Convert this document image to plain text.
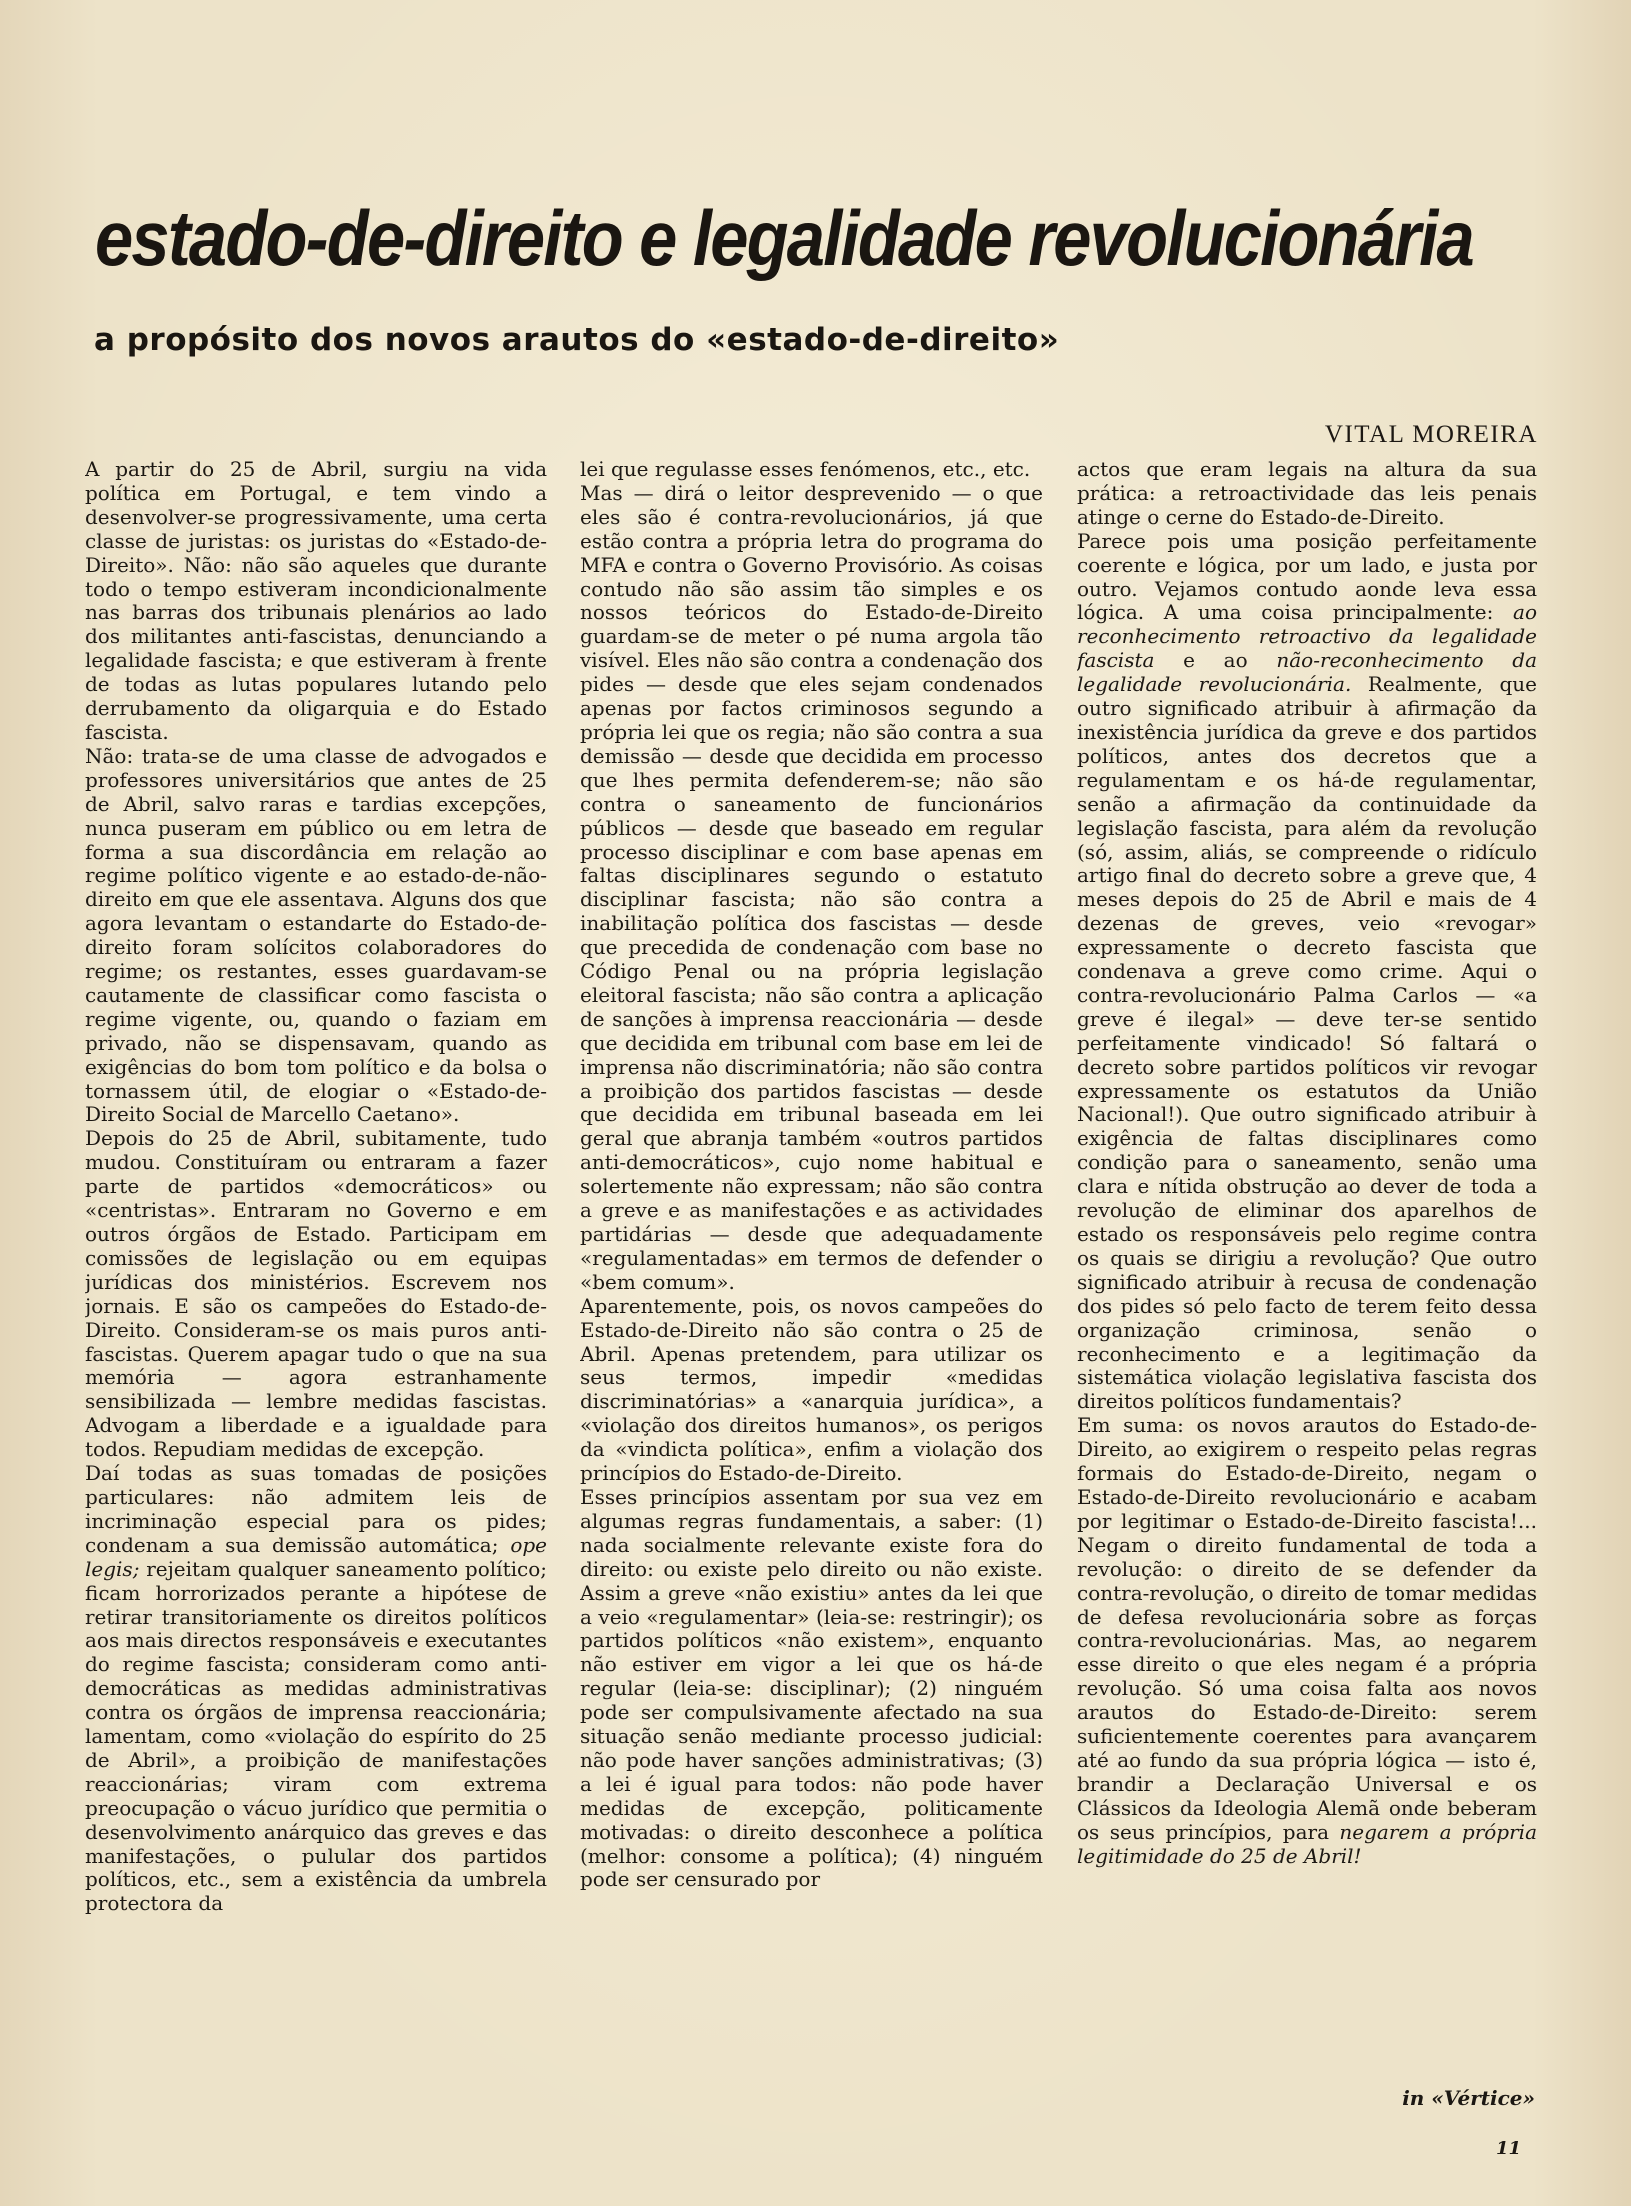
estado-de-direito e legalidade revolucionária
a propósito dos novos arautos do «estado-de-direito»
VITAL MOREIRA

A partir do 25 de Abril, surgiu na vida política em Portugal, e tem vindo a desenvolver-se progressivamente, uma certa classe de juristas: os juristas do «Estado-de-Direito». Não: não são aqueles que durante todo o tempo estiveram incondicionalmente nas barras dos tribunais plenários ao lado dos militantes anti-fascistas, denunciando a legalidade fascista; e que estiveram à frente de todas as lutas populares lutando pelo derrubamento da oligarquia e do Estado fascista.

Não: trata-se de uma classe de advogados e professores universitários que antes de 25 de Abril, salvo raras e tardias excepções, nunca puseram em público ou em letra de forma a sua discordância em relação ao regime político vigente e ao estado-de-não-direito em que ele assentava. Alguns dos que agora levantam o estandarte do Estado-de-direito foram solícitos colaboradores do regime; os restantes, esses guardavam-se cautamente de classificar como fascista o regime vigente, ou, quando o faziam em privado, não se dispensavam, quando as exigências do bom tom político e da bolsa o tornassem útil, de elogiar o «Estado-de-Direito Social de Marcello Caetano».

Depois do 25 de Abril, subitamente, tudo mudou. Constituíram ou entraram a fazer parte de partidos «democráticos» ou «centristas». Entraram no Governo e em outros órgãos de Estado. Participam em comissões de legislação ou em equipas jurídicas dos ministérios. Escrevem nos jornais. E são os campeões do Estado-de-Direito. Consideram-se os mais puros anti-fascistas. Querem apagar tudo o que na sua memória — agora estranhamente sensibilizada — lembre medidas fascistas. Advogam a liberdade e a igualdade para todos. Repudiam medidas de excepção.

Daí todas as suas tomadas de posições particulares: não admitem leis de incriminação especial para os pides; condenam a sua demissão automática; ope legis; rejeitam qualquer saneamento político; ficam horrorizados perante a hipótese de retirar transitoriamente os direitos políticos aos mais directos responsáveis e executantes do regime fascista; consideram como anti-democráticas as medidas administrativas contra os órgãos de imprensa reaccionária; lamentam, como «violação do espírito do 25 de Abril», a proibição de manifestações reaccionárias; viram com extrema preocupação o vácuo jurídico que permitia o desenvolvimento anárquico das greves e das manifestações, o pulular dos partidos políticos, etc., sem a existência da umbrela protectora da

lei que regulasse esses fenómenos, etc., etc.

Mas — dirá o leitor desprevenido — o que eles são é contra-revolucionários, já que estão contra a própria letra do programa do MFA e contra o Governo Provisório. As coisas contudo não são assim tão simples e os nossos teóricos do Estado-de-Direito guardam-se de meter o pé numa argola tão visível. Eles não são contra a condenação dos pides — desde que eles sejam condenados apenas por factos criminosos segundo a própria lei que os regia; não são contra a sua demissão — desde que decidida em processo que lhes permita defenderem-se; não são contra o saneamento de funcionários públicos — desde que baseado em regular processo disciplinar e com base apenas em faltas disciplinares segundo o estatuto disciplinar fascista; não são contra a inabilitação política dos fascistas — desde que precedida de condenação com base no Código Penal ou na própria legislação eleitoral fascista; não são contra a aplicação de sanções à imprensa reaccionária — desde que decidida em tribunal com base em lei de imprensa não discriminatória; não são contra a proibição dos partidos fascistas — desde que decidida em tribunal baseada em lei geral que abranja também «outros partidos anti-democráticos», cujo nome habitual e solertemente não expressam; não são contra a greve e as manifestações e as actividades partidárias — desde que adequadamente «regulamentadas» em termos de defender o «bem comum».

Aparentemente, pois, os novos campeões do Estado-de-Direito não são contra o 25 de Abril. Apenas pretendem, para utilizar os seus termos, impedir «medidas discriminatórias» a «anarquia jurídica», a «violação dos direitos humanos», os perigos da «vindicta política», enfim a violação dos princípios do Estado-de-Direito.

Esses princípios assentam por sua vez em algumas regras fundamentais, a saber: (1) nada socialmente relevante existe fora do direito: ou existe pelo direito ou não existe. Assim a greve «não existiu» antes da lei que a veio «regulamentar» (leia-se: restringir); os partidos políticos «não existem», enquanto não estiver em vigor a lei que os há-de regular (leia-se: disciplinar); (2) ninguém pode ser compulsivamente afectado na sua situação senão mediante processo judicial: não pode haver sanções administrativas; (3) a lei é igual para todos: não pode haver medidas de excepção, politicamente motivadas: o direito desconhece a política (melhor: consome a política); (4) ninguém pode ser censurado por

actos que eram legais na altura da sua prática: a retroactividade das leis penais atinge o cerne do Estado-de-Direito.

Parece pois uma posição perfeitamente coerente e lógica, por um lado, e justa por outro. Vejamos contudo aonde leva essa lógica. A uma coisa principalmente: ao reconhecimento retroactivo da legalidade fascista e ao não-reconhecimento da legalidade revolucionária. Realmente, que outro significado atribuir à afirmação da inexistência jurídica da greve e dos partidos políticos, antes dos decretos que a regulamentam e os há-de regulamentar, senão a afirmação da continuidade da legislação fascista, para além da revolução (só, assim, aliás, se compreende o ridículo artigo final do decreto sobre a greve que, 4 meses depois do 25 de Abril e mais de 4 dezenas de greves, veio «revogar» expressamente o decreto fascista que condenava a greve como crime. Aqui o contra-revolucionário Palma Carlos — «a greve é ilegal» — deve ter-se sentido perfeitamente vindicado! Só faltará o decreto sobre partidos políticos vir revogar expressamente os estatutos da União Nacional!). Que outro significado atribuir à exigência de faltas disciplinares como condição para o saneamento, senão uma clara e nítida obstrução ao dever de toda a revolução de eliminar dos aparelhos de estado os responsáveis pelo regime contra os quais se dirigiu a revolução? Que outro significado atribuir à recusa de condenação dos pides só pelo facto de terem feito dessa organização criminosa, senão o reconhecimento e a legitimação da sistemática violação legislativa fascista dos direitos políticos fundamentais?

Em suma: os novos arautos do Estado-de-Direito, ao exigirem o respeito pelas regras formais do Estado-de-Direito, negam o Estado-de-Direito revolucionário e acabam por legitimar o Estado-de-Direito fascista!... Negam o direito fundamental de toda a revolução: o direito de se defender da contra-revolução, o direito de tomar medidas de defesa revolucionária sobre as forças contra-revolucionárias. Mas, ao negarem esse direito o que eles negam é a própria revolução. Só uma coisa falta aos novos arautos do Estado-de-Direito: serem suficientemente coerentes para avançarem até ao fundo da sua própria lógica — isto é, brandir a Declaração Universal e os Clássicos da Ideologia Alemã onde beberam os seus princípios, para negarem a própria legitimidade do 25 de Abril!

in «Vértice»
11
